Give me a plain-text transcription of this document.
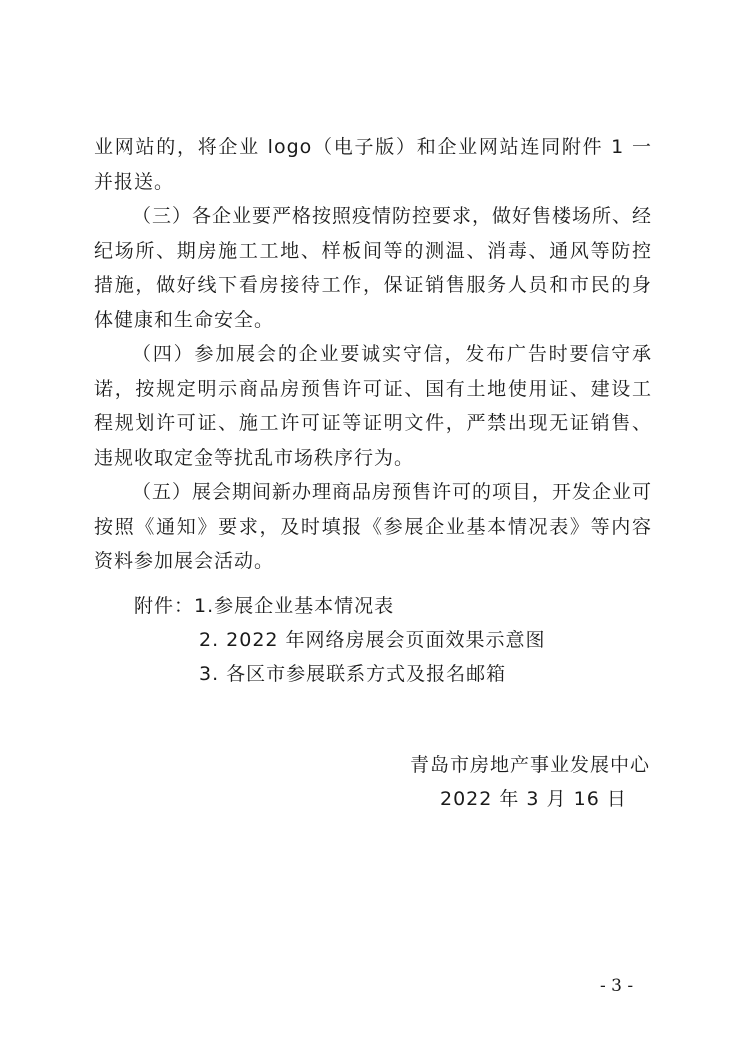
业网站的，将企业 logo（电子版）和企业网站连同附件 1 一并报送。

（三）各企业要严格按照疫情防控要求，做好售楼场所、经纪场所、期房施工工地、样板间等的测温、消毒、通风等防控措施，做好线下看房接待工作，保证销售服务人员和市民的身体健康和生命安全。

（四）参加展会的企业要诚实守信，发布广告时要信守承诺，按规定明示商品房预售许可证、国有土地使用证、建设工程规划许可证、施工许可证等证明文件，严禁出现无证销售、违规收取定金等扰乱市场秩序行为。

（五）展会期间新办理商品房预售许可的项目，开发企业可按照《通知》要求，及时填报《参展企业基本情况表》等内容资料参加展会活动。

附件：1.参展企业基本情况表
2. 2022 年网络房展会页面效果示意图
3. 各区市参展联系方式及报名邮箱
青岛市房地产事业发展中心
2022 年 3 月 16 日
- 3 -
